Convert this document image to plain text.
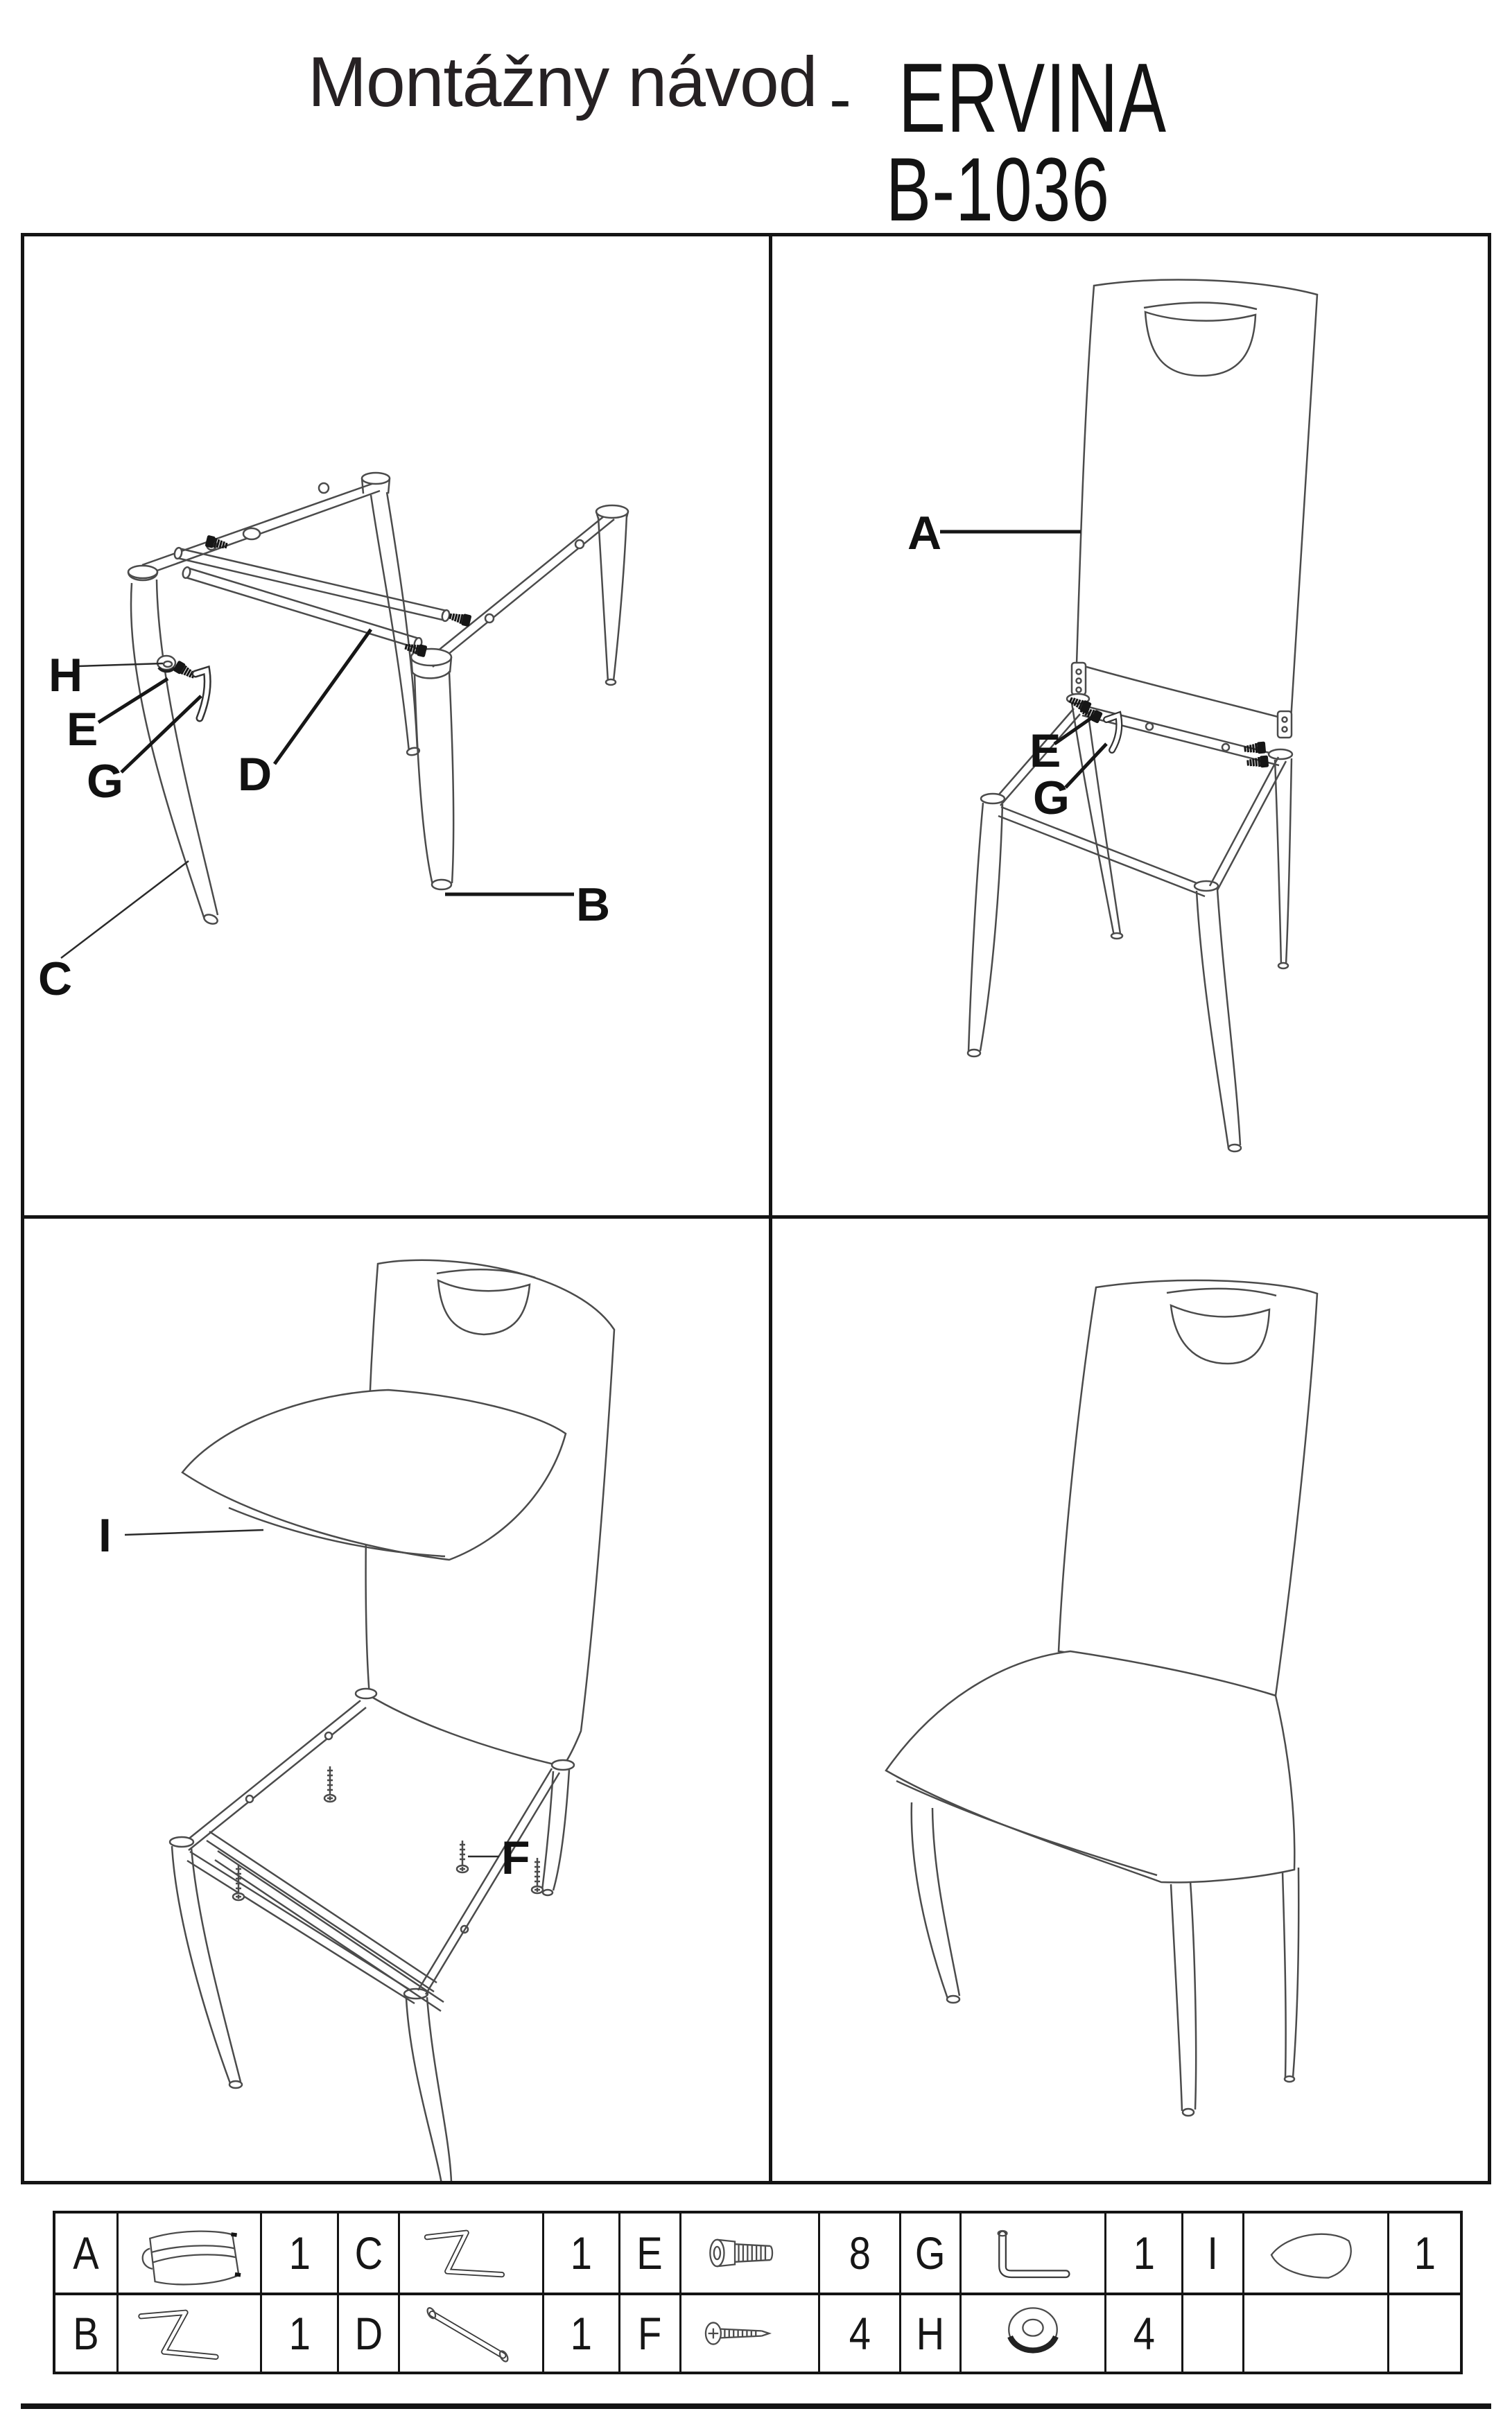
Montážny návod - ERVINA
B-1036
H
E
G D
C
B
A
E
G
I
F
A	1 C	1 E	8 G	1 I	1
B	1 D	1 F	4 H	4
